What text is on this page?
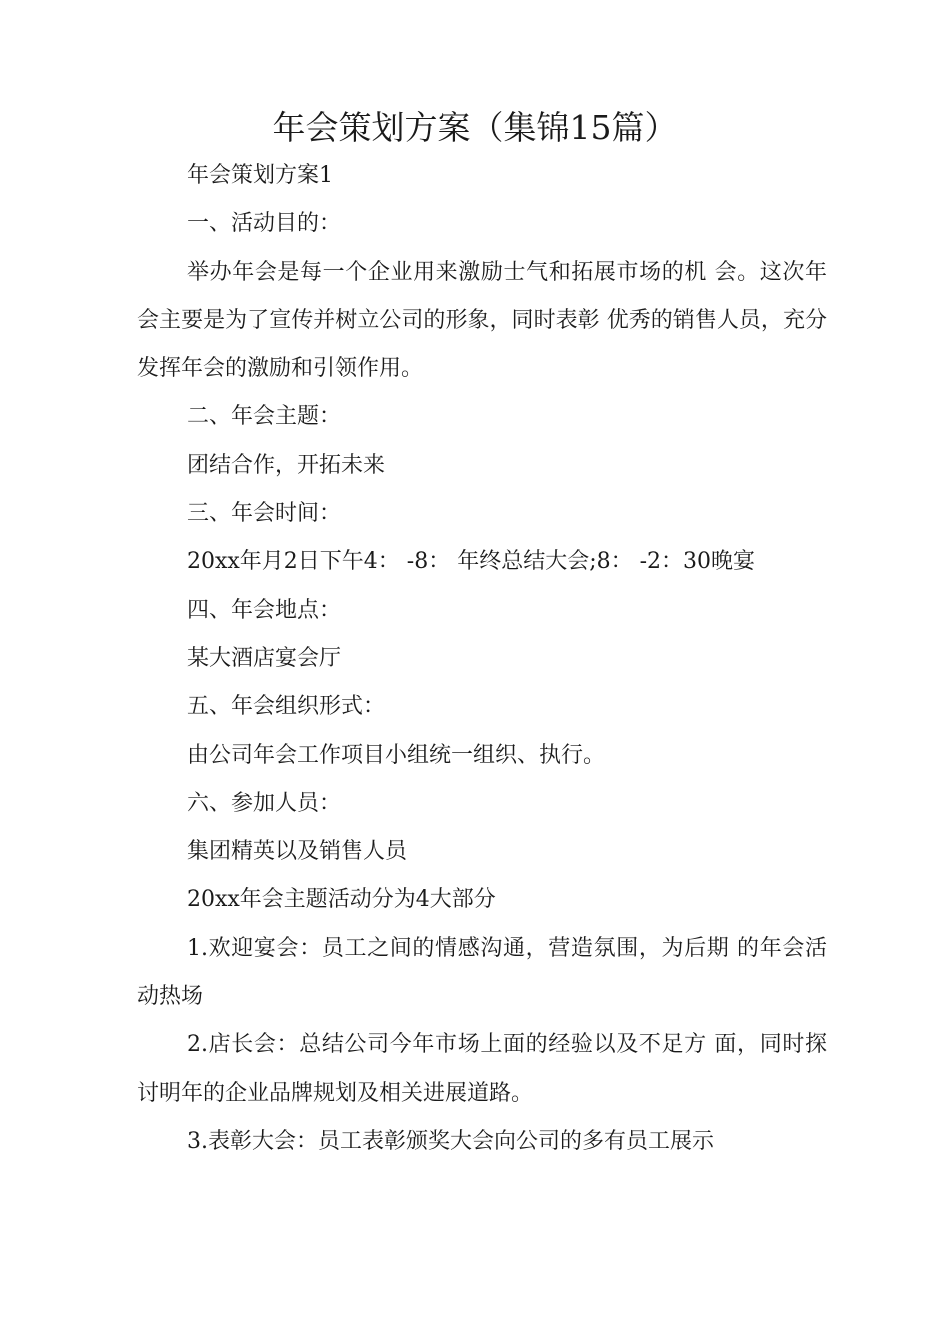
年会策划方案（集锦15篇）

年会策划方案1

一、活动目的：

举办年会是每一个企业用来激励士气和拓展市场的机 会。这次年会主要是为了宣传并树立公司的形象，同时表彰 优秀的销售人员，充分发挥年会的激励和引领作用。

二、年会主题：

团结合作，开拓未来

三、年会时间：

20xx年月2日下午4： -8： 年终总结大会;8： -2：30晚宴

四、年会地点：

某大酒店宴会厅

五、年会组织形式：

由公司年会工作项目小组统一组织、执行。

六、参加人员：

集团精英以及销售人员

20xx年会主题活动分为4大部分

1.欢迎宴会：员工之间的情感沟通，营造氛围，为后期 的年会活动热场

2.店长会：总结公司今年市场上面的经验以及不足方 面，同时探讨明年的企业品牌规划及相关进展道路。

3.表彰大会：员工表彰颁奖大会向公司的多有员工展示
